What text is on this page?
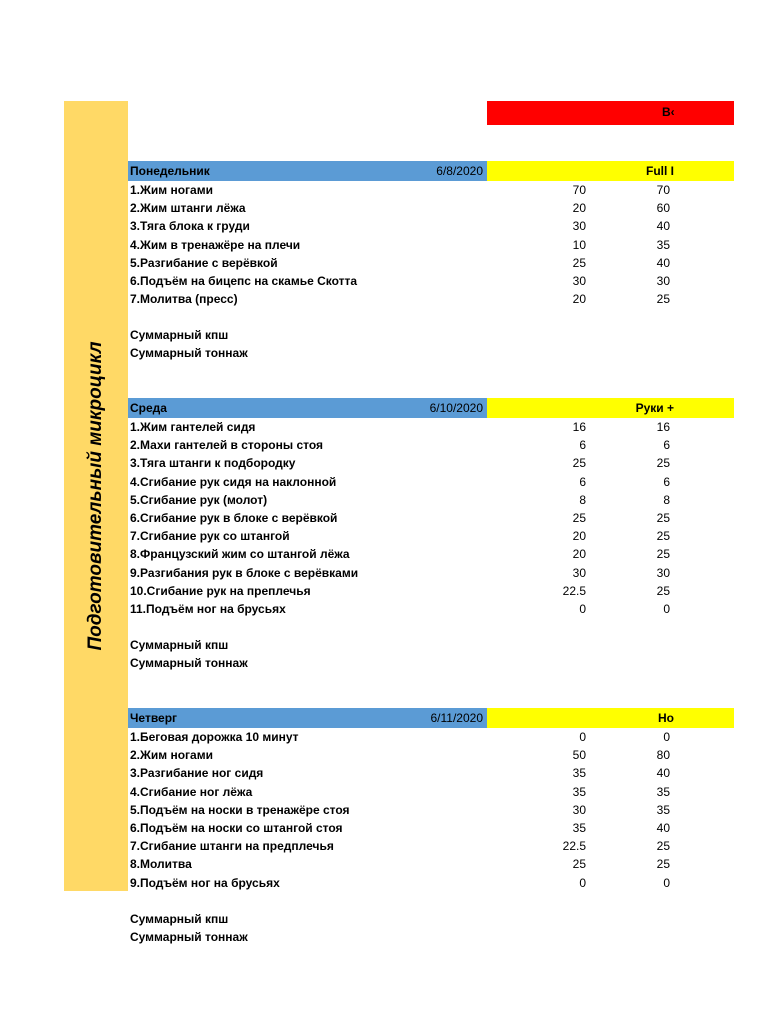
Подготовительный микроцикл
В‹
Понедельник	6/8/2020	Full I
1.Жим ногами	70	70
2.Жим штанги лёжа	20	60
3.Тяга блока к груди	30	40
4.Жим в тренажёре на плечи	10	35
5.Разгибание с верёвкой	25	40
6.Подъём на бицепс на скамье Скотта	30	30
7.Молитва (пресс)	20	25
Суммарный кпш
Суммарный тоннаж
Среда	6/10/2020	Руки +
1.Жим гантелей сидя	16	16
2.Махи гантелей в стороны стоя	6	6
3.Тяга штанги к подбородку	25	25
4.Сгибание рук сидя на наклонной	6	6
5.Сгибание рук (молот)	8	8
6.Сгибание рук в блоке с верёвкой	25	25
7.Сгибание рук со штангой	20	25
8.Французский жим со штангой лёжа	20	25
9.Разгибания рук в блоке с верёвками	30	30
10.Сгибание рук на преплечья	22.5	25
11.Подъём ног на брусьях	0	0
Суммарный кпш
Суммарный тоннаж
Четверг	6/11/2020	Но
1.Беговая дорожка 10 минут	0	0
2.Жим ногами	50	80
3.Разгибание ног сидя	35	40
4.Сгибание ног лёжа	35	35
5.Подъём на носки в тренажёре стоя	30	35
6.Подъём на носки со штангой стоя	35	40
7.Сгибание штанги на предплечья	22.5	25
8.Молитва	25	25
9.Подъём ног на брусьях	0	0
Суммарный кпш
Суммарный тоннаж
